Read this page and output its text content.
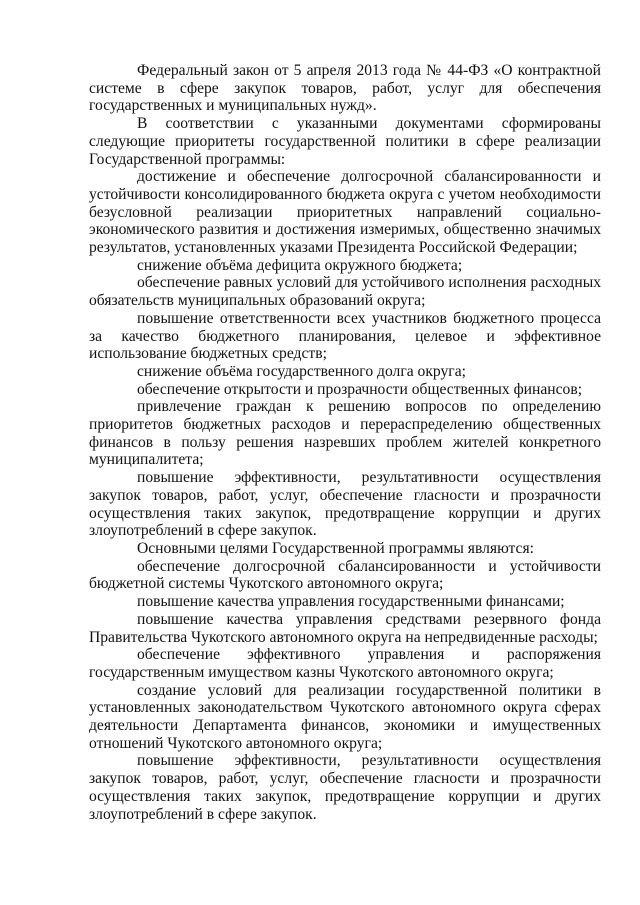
Федеральный закон от 5 апреля 2013 года № 44-ФЗ «О контрактной системе в сфере закупок товаров, работ, услуг для обеспечения государственных и муниципальных нужд».

В соответствии с указанными документами сформированы следующие приоритеты государственной политики в сфере реализации Государственной программы:

достижение и обеспечение долгосрочной сбалансированности и устойчивости консолидированного бюджета округа с учетом необходимости безусловной реализации приоритетных направлений социально-экономического развития и достижения измеримых, общественно значимых результатов, установленных указами Президента Российской Федерации;

снижение объёма дефицита окружного бюджета;

обеспечение равных условий для устойчивого исполнения расходных обязательств муниципальных образований округа;

повышение ответственности всех участников бюджетного процесса за качество бюджетного планирования, целевое и эффективное использование бюджетных средств;

снижение объёма государственного долга округа;

обеспечение открытости и прозрачности общественных финансов;

привлечение граждан к решению вопросов по определению приоритетов бюджетных расходов и перераспределению общественных финансов в пользу решения назревших проблем жителей конкретного муниципалитета;

повышение эффективности, результативности осуществления закупок товаров, работ, услуг, обеспечение гласности и прозрачности осуществления таких закупок, предотвращение коррупции и других злоупотреблений в сфере закупок.

Основными целями Государственной программы являются:

обеспечение долгосрочной сбалансированности и устойчивости бюджетной системы Чукотского автономного округа;

повышение качества управления государственными финансами;

повышение качества управления средствами резервного фонда Правительства Чукотского автономного округа на непредвиденные расходы;

обеспечение эффективного управления и распоряжения государственным имуществом казны Чукотского автономного округа;

создание условий для реализации государственной политики в установленных законодательством Чукотского автономного округа сферах деятельности Департамента финансов, экономики и имущественных отношений Чукотского автономного округа;

повышение эффективности, результативности осуществления закупок товаров, работ, услуг, обеспечение гласности и прозрачности осуществления таких закупок, предотвращение коррупции и других злоупотреблений в сфере закупок.
